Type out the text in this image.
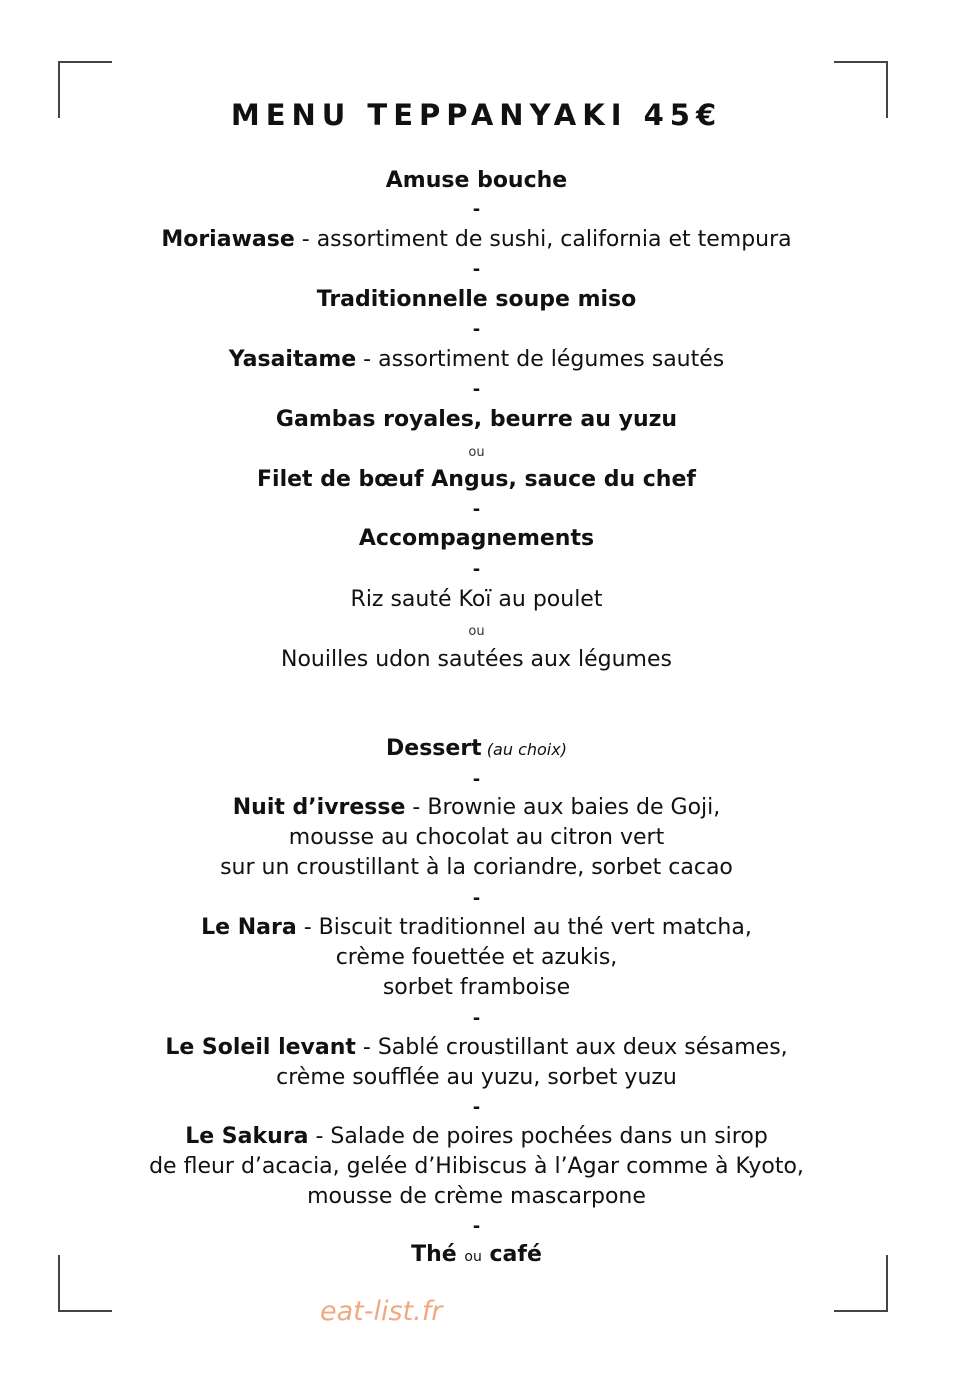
MENU TEPPANYAKI 45€
Amuse bouche
-
Moriawase - assortiment de sushi, california et tempura
-
Traditionnelle soupe miso
-
Yasaitame - assortiment de légumes sautés
-
Gambas royales, beurre au yuzu
ou
Filet de bœuf Angus, sauce du chef
-
Accompagnements
-
Riz sauté Koï au poulet
ou
Nouilles udon sautées aux légumes
Dessert (au choix)
-
Nuit d’ivresse - Brownie aux baies de Goji,
mousse au chocolat au citron vert
sur un croustillant à la coriandre, sorbet cacao
-
Le Nara - Biscuit traditionnel au thé vert matcha,
crème fouettée et azukis,
sorbet framboise
-
Le Soleil levant - Sablé croustillant aux deux sésames,
crème soufflée au yuzu, sorbet yuzu
-
Le Sakura - Salade de poires pochées dans un sirop
de fleur d’acacia, gelée d’Hibiscus à l’Agar comme à Kyoto,
mousse de crème mascarpone
-
Thé ou café
eat-list.fr
